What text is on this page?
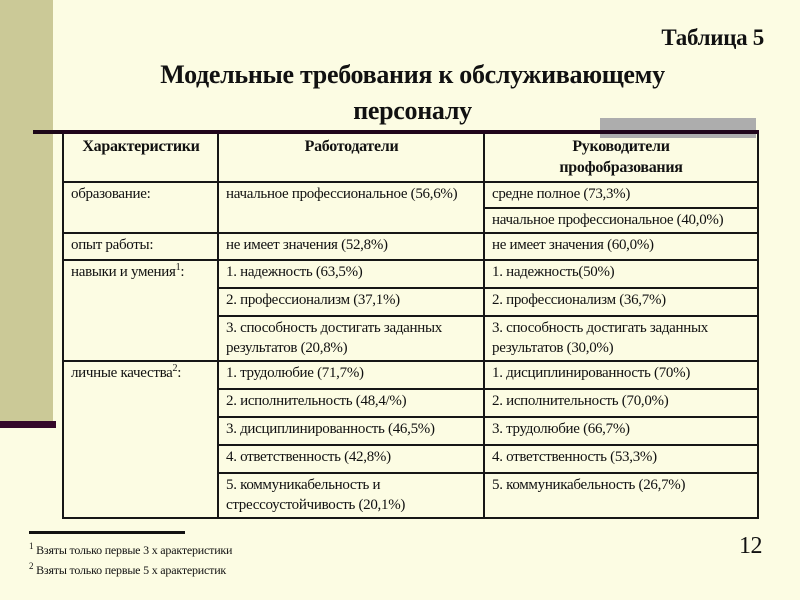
Таблица 5
Модельные требования к обслуживающему
персоналу
Характеристики	Работодатели	Руководители профобразования
образование:	начальное профессиональное (56,6%)	средне полное (73,3%)
		начальное профессиональное (40,0%)
опыт работы:	не имеет значения (52,8%)	не имеет значения (60,0%)
навыки и умения$^1$:	1. надежность (63,5%)	1. надежность(50%)
	2. профессионализм (37,1%)	2. профессионализм (36,7%)
	3. способность достигать заданных результатов (20,8%)	3. способность достигать заданных результатов (30,0%)
личные качества$^2$:	1. трудолюбие (71,7%)	1. дисциплинированность (70%)
	2. исполнительность (48,4/%)	2. исполнительность (70,0%)
	3. дисциплинированность (46,5%)	3. трудолюбие (66,7%)
	4. ответственность (42,8%)	4. ответственность (53,3%)
	5. коммуникабельность и стрессоустойчивость (20,1%)	5. коммуникабельность (26,7%)
$^1$ Взяты только первые 3 х арактеристики
$^2$ Взяты только первые 5 х арактеристик
12
